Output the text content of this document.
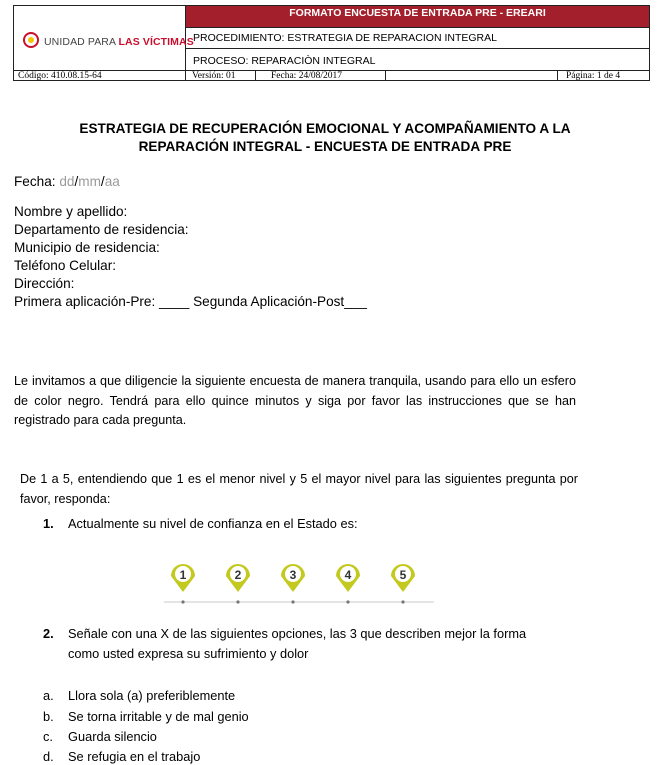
UNIDAD PARA LAS VÍCTIMAS
FORMATO ENCUESTA DE ENTRADA PRE - EREARI
PROCEDIMIENTO: ESTRATEGIA DE REPARACION INTEGRAL
PROCESO: REPARACIÒN INTEGRAL
Código: 410.08.15-64	Versión: 01	Fecha: 24/08/2017	Página: 1 de 4
ESTRATEGIA DE RECUPERACIÓN EMOCIONAL Y ACOMPAÑAMIENTO A LA
REPARACIÓN INTEGRAL - ENCUESTA DE ENTRADA PRE
Fecha: dd/mm/aa
Nombre y apellido:
Departamento de residencia:
Municipio de residencia:
Teléfono Celular:
Dirección:
Primera aplicación-Pre: ____ Segunda Aplicación-Post___
Le invitamos a que diligencie la siguiente encuesta de manera tranquila, usando para ello un esfero de color negro. Tendrá para ello quince minutos y siga por favor las instrucciones que se han registrado para cada pregunta.
De 1 a 5, entendiendo que 1 es el menor nivel y 5 el mayor nivel para las siguientes pregunta por favor, responda:
1. Actualmente su nivel de confianza en el Estado es:
1	2	3	4	5
2. Señale con una X de las siguientes opciones, las 3 que describen mejor la forma
como usted expresa su sufrimiento y dolor
a. Llora sola (a) preferiblemente
b. Se torna irritable y de mal genio
c. Guarda silencio
d. Se refugia en el trabajo
